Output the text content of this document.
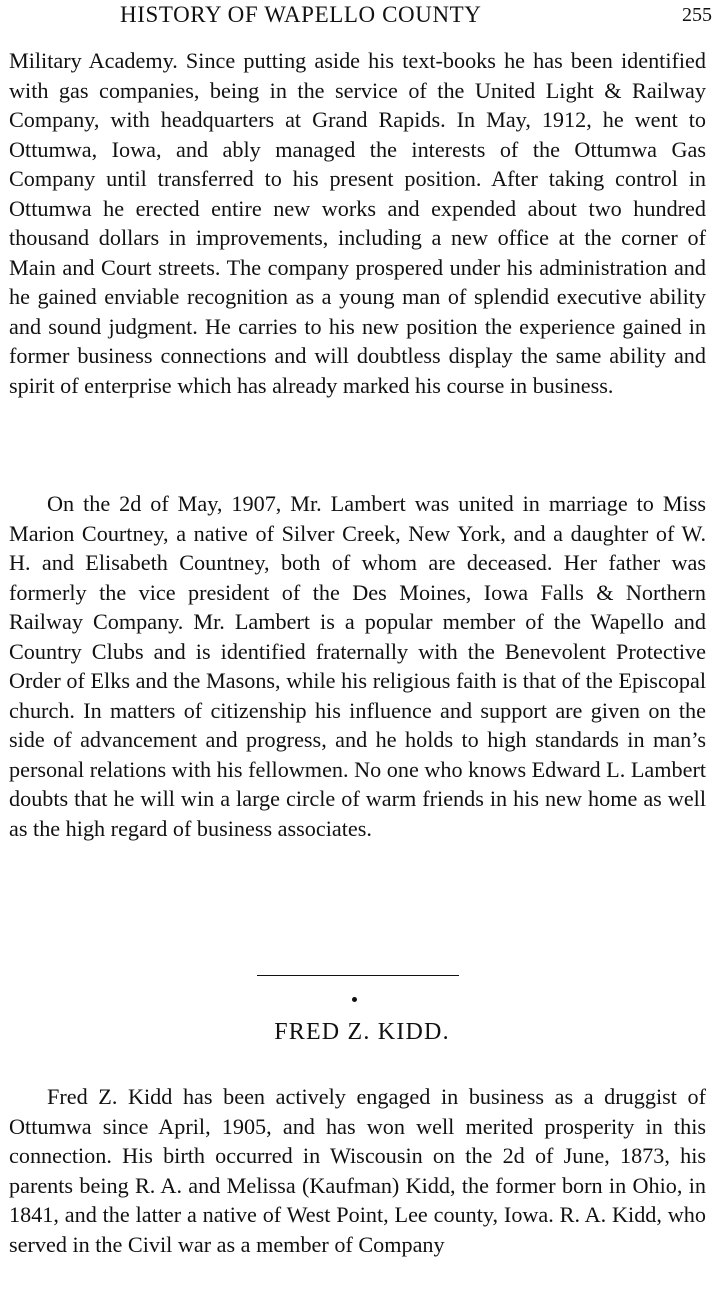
HISTORY OF WAPELLO COUNTY	255

Military Academy. Since putting aside his text-books he has been identified with gas companies, being in the service of the United Light & Railway Company, with headquarters at Grand Rapids. In May, 1912, he went to Ottumwa, Iowa, and ably managed the interests of the Ottumwa Gas Company until transferred to his present position. After taking control in Ottumwa he erected entire new works and expended about two hundred thousand dollars in improvements, including a new office at the corner of Main and Court streets. The company prospered under his administration and he gained enviable recognition as a young man of splendid executive ability and sound judgment. He carries to his new position the experience gained in former business connections and will doubtless display the same ability and spirit of enterprise which has already marked his course in business.

On the 2d of May, 1907, Mr. Lambert was united in marriage to Miss Marion Courtney, a native of Silver Creek, New York, and a daughter of W. H. and Elisabeth Countney, both of whom are deceased. Her father was formerly the vice president of the Des Moines, Iowa Falls & Northern Railway Company. Mr. Lambert is a popular member of the Wapello and Country Clubs and is identified fraternally with the Benevolent Protective Order of Elks and the Masons, while his religious faith is that of the Episcopal church. In matters of citizenship his influence and support are given on the side of advancement and progress, and he holds to high standards in man’s personal relations with his fellowmen. No one who knows Edward L. Lambert doubts that he will win a large circle of warm friends in his new home as well as the high regard of business associates.

FRED Z. KIDD.

Fred Z. Kidd has been actively engaged in business as a druggist of Ottumwa since April, 1905, and has won well merited prosperity in this connection. His birth occurred in Wiscousin on the 2d of June, 1873, his parents being R. A. and Melissa (Kaufman) Kidd, the former born in Ohio, in 1841, and the latter a native of West Point, Lee county, Iowa. R. A. Kidd, who served in the Civil war as a member of Company
